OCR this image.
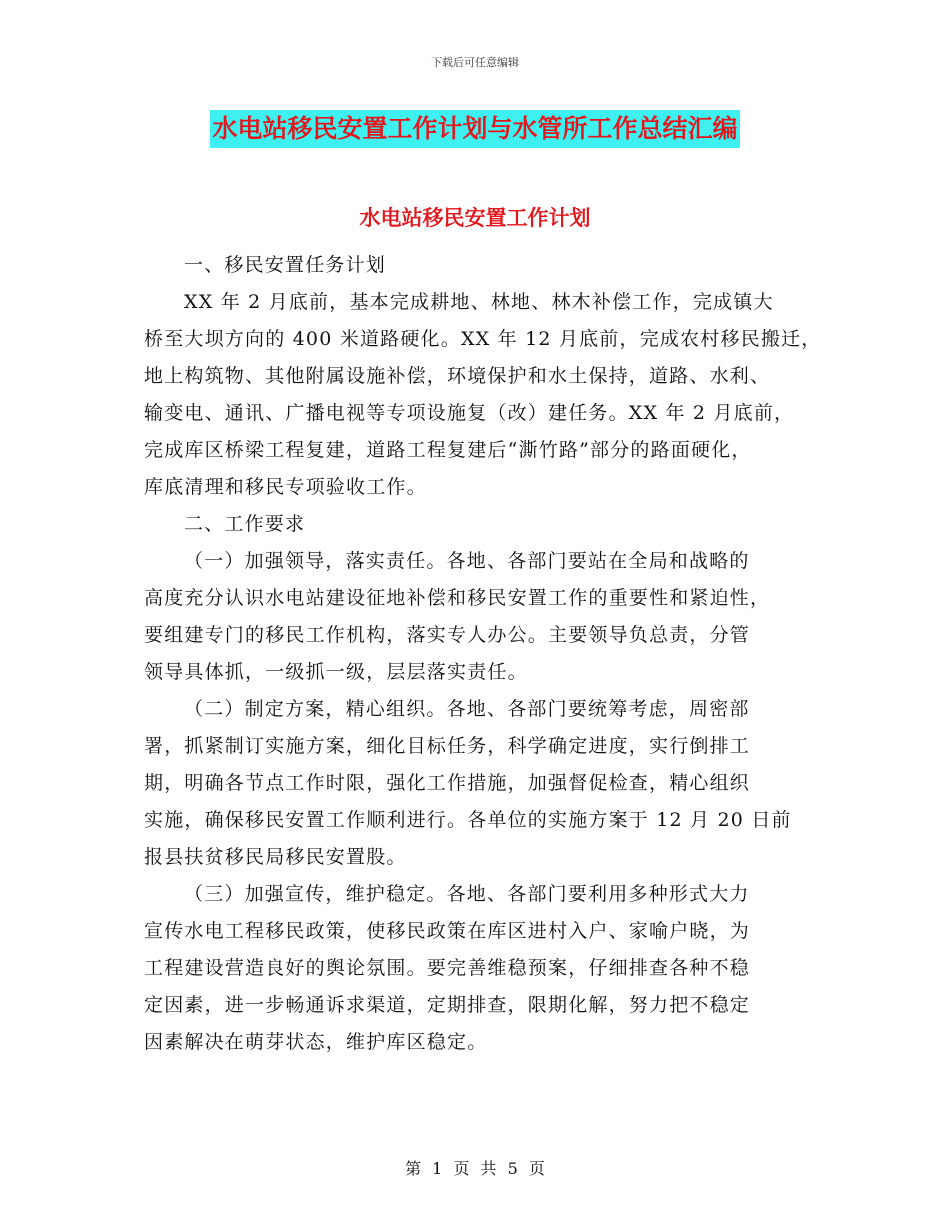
下载后可任意编辑
水电站移民安置工作计划与水管所工作总结汇编
水电站移民安置工作计划
一、移民安置任务计划
XX 年 2 月底前，基本完成耕地、林地、林木补偿工作，完成镇大
桥至大坝方向的 400 米道路硬化。XX 年 12 月底前，完成农村移民搬迁，
地上构筑物、其他附属设施补偿，环境保护和水土保持，道路、水利、
输变电、通讯、广播电视等专项设施复（改）建任务。XX 年 2 月底前，
完成库区桥梁工程复建，道路工程复建后“澌竹路”部分的路面硬化，
库底清理和移民专项验收工作。
二、工作要求
（一）加强领导，落实责任。各地、各部门要站在全局和战略的
高度充分认识水电站建设征地补偿和移民安置工作的重要性和紧迫性，
要组建专门的移民工作机构，落实专人办公。主要领导负总责，分管
领导具体抓，一级抓一级，层层落实责任。
（二）制定方案，精心组织。各地、各部门要统筹考虑，周密部
署，抓紧制订实施方案，细化目标任务，科学确定进度，实行倒排工
期，明确各节点工作时限，强化工作措施，加强督促检查，精心组织
实施，确保移民安置工作顺利进行。各单位的实施方案于 12 月 20 日前
报县扶贫移民局移民安置股。
（三）加强宣传，维护稳定。各地、各部门要利用多种形式大力
宣传水电工程移民政策，使移民政策在库区进村入户、家喻户晓，为
工程建设营造良好的舆论氛围。要完善维稳预案，仔细排查各种不稳
定因素，进一步畅通诉求渠道，定期排查，限期化解，努力把不稳定
因素解决在萌芽状态，维护库区稳定。
第 1 页 共 5 页
